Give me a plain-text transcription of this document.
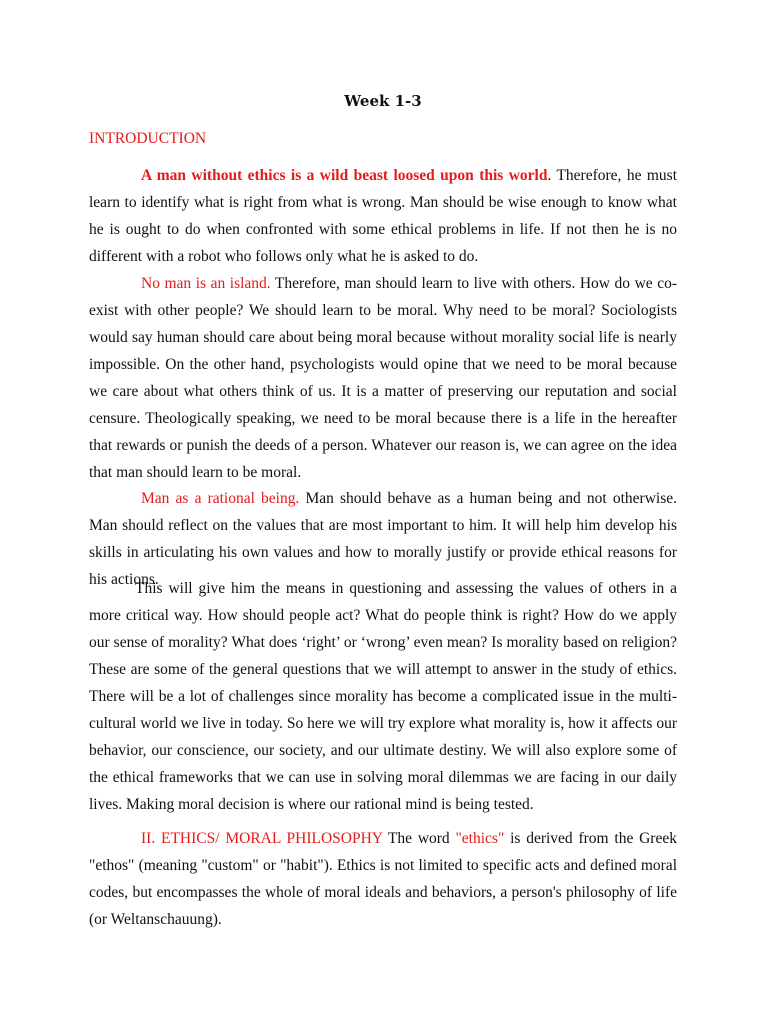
Week 1-3
INTRODUCTION

A man without ethics is a wild beast loosed upon this world. Therefore, he must learn to identify what is right from what is wrong. Man should be wise enough to know what he is ought to do when confronted with some ethical problems in life. If not then he is no different with a robot who follows only what he is asked to do.

No man is an island. Therefore, man should learn to live with others. How do we co-exist with other people? We should learn to be moral. Why need to be moral? Sociologists would say human should care about being moral because without morality social life is nearly impossible. On the other hand, psychologists would opine that we need to be moral because we care about what others think of us. It is a matter of preserving our reputation and social censure. Theologically speaking, we need to be moral because there is a life in the hereafter that rewards or punish the deeds of a person. Whatever our reason is, we can agree on the idea that man should learn to be moral.

Man as a rational being. Man should behave as a human being and not otherwise. Man should reflect on the values that are most important to him. It will help him develop his skills in articulating his own values and how to morally justify or provide ethical reasons for his actions.

This will give him the means in questioning and assessing the values of others in a more critical way. How should people act? What do people think is right? How do we apply our sense of morality? What does ‘right’ or ‘wrong’ even mean? Is morality based on religion? These are some of the general questions that we will attempt to answer in the study of ethics. There will be a lot of challenges since morality has become a complicated issue in the multi-cultural world we live in today. So here we will try explore what morality is, how it affects our behavior, our conscience, our society, and our ultimate destiny. We will also explore some of the ethical frameworks that we can use in solving moral dilemmas we are facing in our daily lives. Making moral decision is where our rational mind is being tested.

II. ETHICS/ MORAL PHILOSOPHY The word "ethics" is derived from the Greek "ethos" (meaning "custom" or "habit"). Ethics is not limited to specific acts and defined moral codes, but encompasses the whole of moral ideals and behaviors, a person's philosophy of life (or Weltanschauung).
